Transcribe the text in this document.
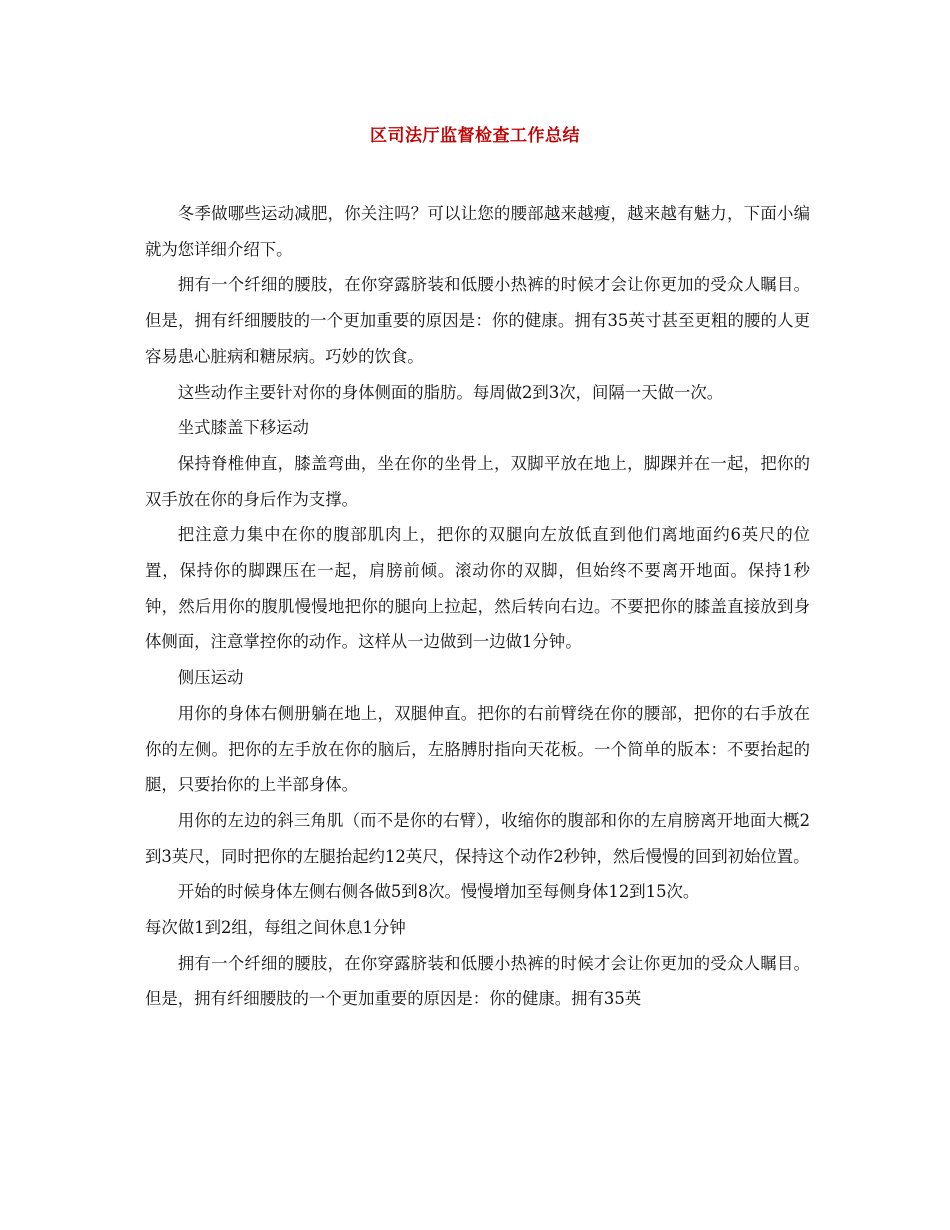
区司法厅监督检查工作总结

冬季做哪些运动减肥，你关注吗？可以让您的腰部越来越瘦，越来越有魅力，下面小编就为您详细介绍下。

拥有一个纤细的腰肢，在你穿露脐装和低腰小热裤的时候才会让你更加的受众人瞩目。但是，拥有纤细腰肢的一个更加重要的原因是：你的健康。拥有35英寸甚至更粗的腰的人更容易患心脏病和糖尿病。巧妙的饮食。

这些动作主要针对你的身体侧面的脂肪。每周做2到3次，间隔一天做一次。

坐式膝盖下移运动

保持脊椎伸直，膝盖弯曲，坐在你的坐骨上，双脚平放在地上，脚踝并在一起，把你的双手放在你的身后作为支撑。

把注意力集中在你的腹部肌肉上，把你的双腿向左放低直到他们离地面约6英尺的位置，保持你的脚踝压在一起，肩膀前倾。滚动你的双脚，但始终不要离开地面。保持1秒钟，然后用你的腹肌慢慢地把你的腿向上拉起，然后转向右边。不要把你的膝盖直接放到身体侧面，注意掌控你的动作。这样从一边做到一边做1分钟。

侧压运动

用你的身体右侧册躺在地上，双腿伸直。把你的右前臂绕在你的腰部，把你的右手放在你的左侧。把你的左手放在你的脑后，左胳膊肘指向天花板。一个简单的版本：不要抬起的腿，只要抬你的上半部身体。

用你的左边的斜三角肌（而不是你的右臂），收缩你的腹部和你的左肩膀离开地面大概2到3英尺，同时把你的左腿抬起约12英尺，保持这个动作2秒钟，然后慢慢的回到初始位置。

开始的时候身体左侧右侧各做5到8次。慢慢增加至每侧身体12到15次。

每次做1到2组，每组之间休息1分钟

拥有一个纤细的腰肢，在你穿露脐装和低腰小热裤的时候才会让你更加的受众人瞩目。但是，拥有纤细腰肢的一个更加重要的原因是：你的健康。拥有35英
